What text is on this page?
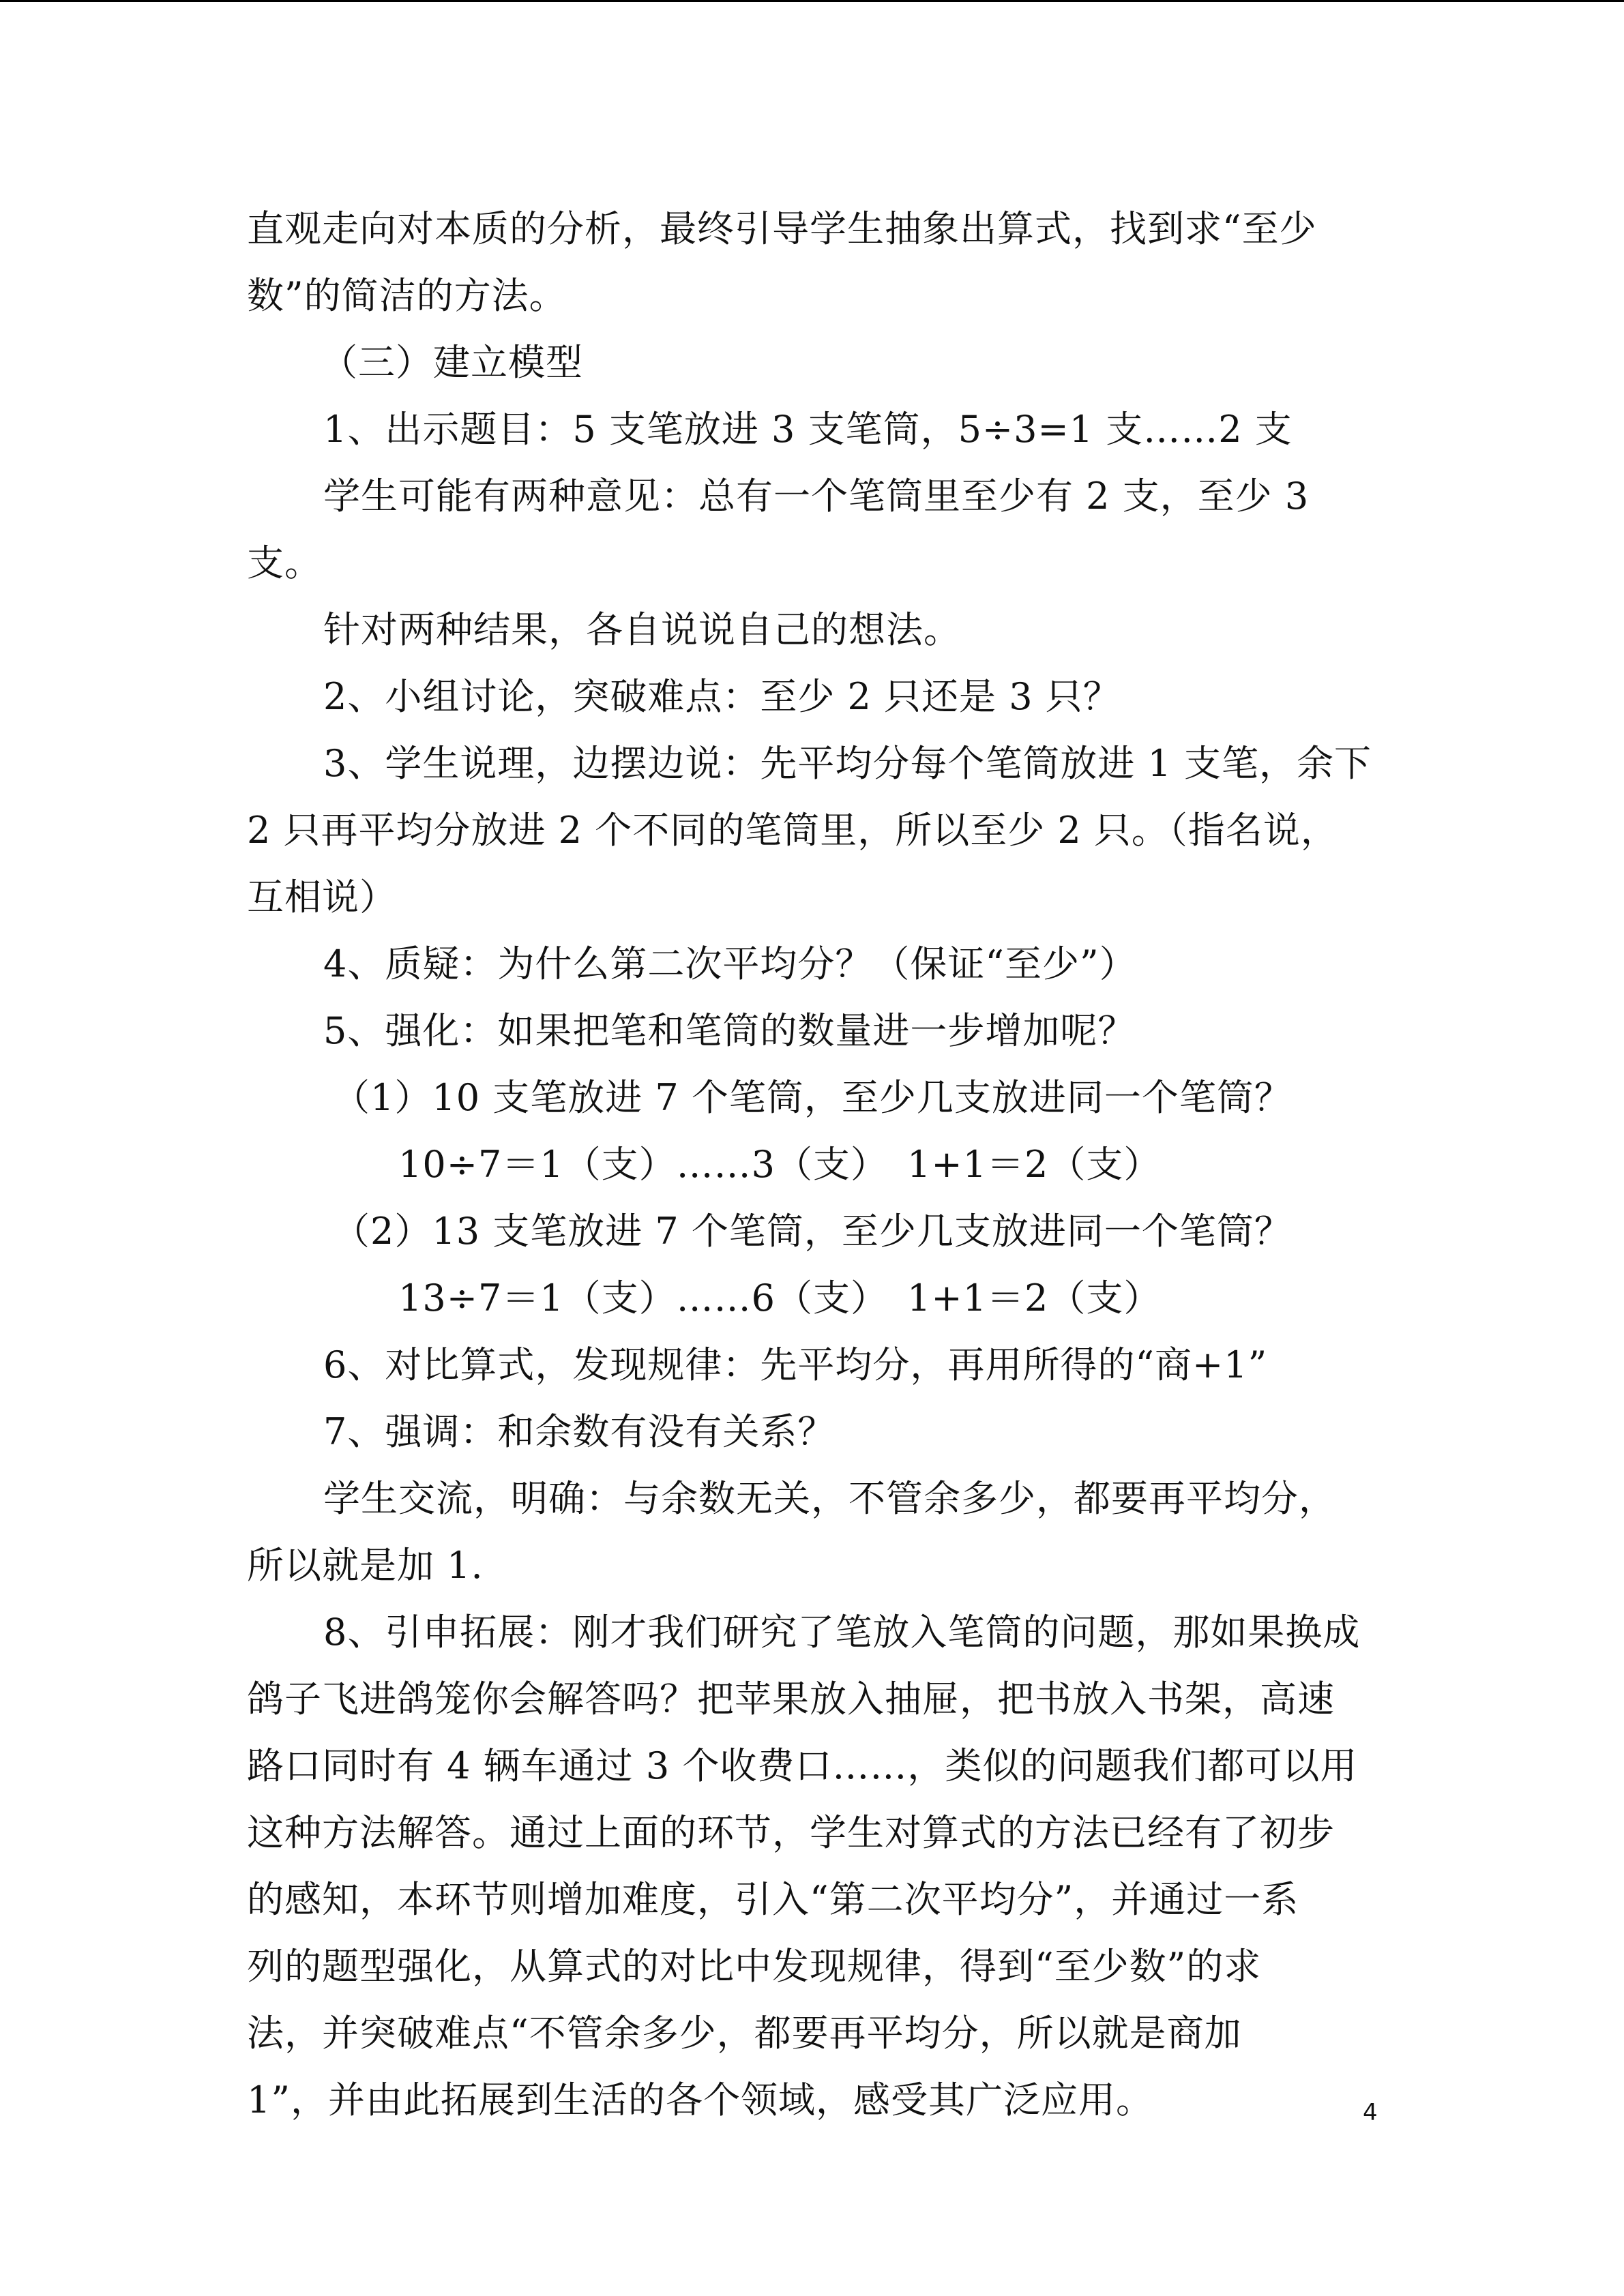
直观走向对本质的分析，最终引导学生抽象出算式，找到求“至少
数”的简洁的方法。
（三）建立模型
1、出示题目：5 支笔放进 3 支笔筒，5÷3=1 支……2 支
学生可能有两种意见：总有一个笔筒里至少有 2 支，至少 3
支。
针对两种结果，各自说说自己的想法。
2、小组讨论，突破难点：至少 2 只还是 3 只？
3、学生说理，边摆边说：先平均分每个笔筒放进 1 支笔，余下
2 只再平均分放进 2 个不同的笔筒里，所以至少 2 只。（指名说，
互相说）
4、质疑：为什么第二次平均分？（保证“至少”）
5、强化：如果把笔和笔筒的数量进一步增加呢？
（1）10 支笔放进 7 个笔筒，至少几支放进同一个笔筒？
10÷7＝1（支）……3（支）　1+1＝2（支）
（2）13 支笔放进 7 个笔筒，至少几支放进同一个笔筒？
13÷7＝1（支）……6（支）　1+1＝2（支）
6、对比算式，发现规律：先平均分，再用所得的“商+1”
7、强调：和余数有没有关系？
学生交流，明确：与余数无关，不管余多少，都要再平均分，
所以就是加 1.
8、引申拓展：刚才我们研究了笔放入笔筒的问题，那如果换成
鸽子飞进鸽笼你会解答吗？把苹果放入抽屉，把书放入书架，高速
路口同时有 4 辆车通过 3 个收费口……，类似的问题我们都可以用
这种方法解答。通过上面的环节，学生对算式的方法已经有了初步
的感知，本环节则增加难度，引入“第二次平均分”，并通过一系
列的题型强化，从算式的对比中发现规律，得到“至少数”的求
法，并突破难点“不管余多少，都要再平均分，所以就是商加
1”，并由此拓展到生活的各个领域，感受其广泛应用。	4
